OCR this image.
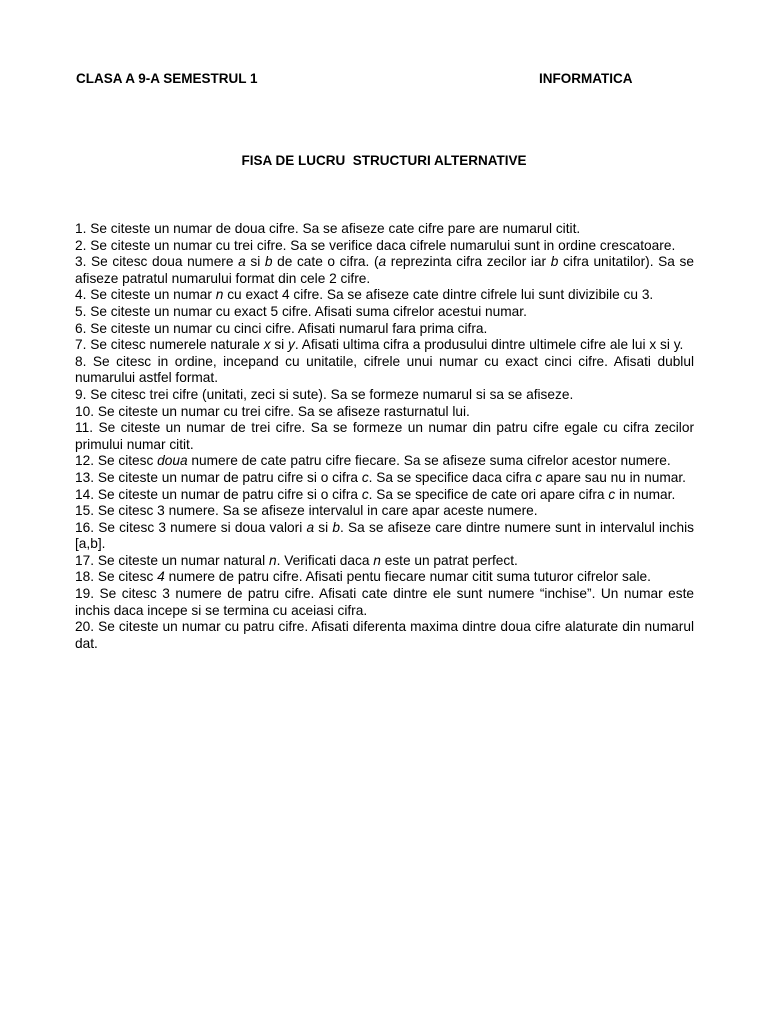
CLASA A 9-A SEMESTRUL 1	INFORMATICA
FISA DE LUCRU  STRUCTURI ALTERNATIVE
1. Se citeste un numar de doua cifre. Sa se afiseze cate cifre pare are numarul citit.
2. Se citeste un numar cu trei cifre. Sa se verifice daca cifrele numarului sunt in ordine crescatoare.
3. Se citesc doua numere a si b de cate o cifra. (a reprezinta cifra zecilor iar b cifra unitatilor). Sa se afiseze patratul numarului format din cele 2 cifre.
4. Se citeste un numar n cu exact 4 cifre. Sa se afiseze cate dintre cifrele lui sunt divizibile cu 3.
5. Se citeste un numar cu exact 5 cifre. Afisati suma cifrelor acestui numar.
6. Se citeste un numar cu cinci cifre. Afisati numarul fara prima cifra.
7. Se citesc numerele naturale x si y. Afisati ultima cifra a produsului dintre ultimele cifre ale lui x si y.
8. Se citesc in ordine, incepand cu unitatile, cifrele unui numar cu exact cinci cifre. Afisati dublul numarului astfel format.
9. Se citesc trei cifre (unitati, zeci si sute). Sa se formeze numarul si sa se afiseze.
10. Se citeste un numar cu trei cifre. Sa se afiseze rasturnatul lui.
11. Se citeste un numar de trei cifre. Sa se formeze un numar din patru cifre egale cu cifra zecilor primului numar citit.
12. Se citesc doua numere de cate patru cifre fiecare. Sa se afiseze suma cifrelor acestor numere.
13. Se citeste un numar de patru cifre si o cifra c. Sa se specifice daca cifra c apare sau nu in numar.
14. Se citeste un numar de patru cifre si o cifra c. Sa se specifice de cate ori apare cifra c in numar.
15. Se citesc 3 numere. Sa se afiseze intervalul in care apar aceste numere.
16. Se citesc 3 numere si doua valori a si b. Sa se afiseze care dintre numere sunt in intervalul inchis [a,b].
17. Se citeste un numar natural n. Verificati daca n este un patrat perfect.
18. Se citesc 4 numere de patru cifre. Afisati pentu fiecare numar citit suma tuturor cifrelor sale.
19. Se citesc 3 numere de patru cifre. Afisati cate dintre ele sunt numere “inchise”. Un numar este inchis daca incepe si se termina cu aceiasi cifra.
20. Se citeste un numar cu patru cifre. Afisati diferenta maxima dintre doua cifre alaturate din numarul dat.
